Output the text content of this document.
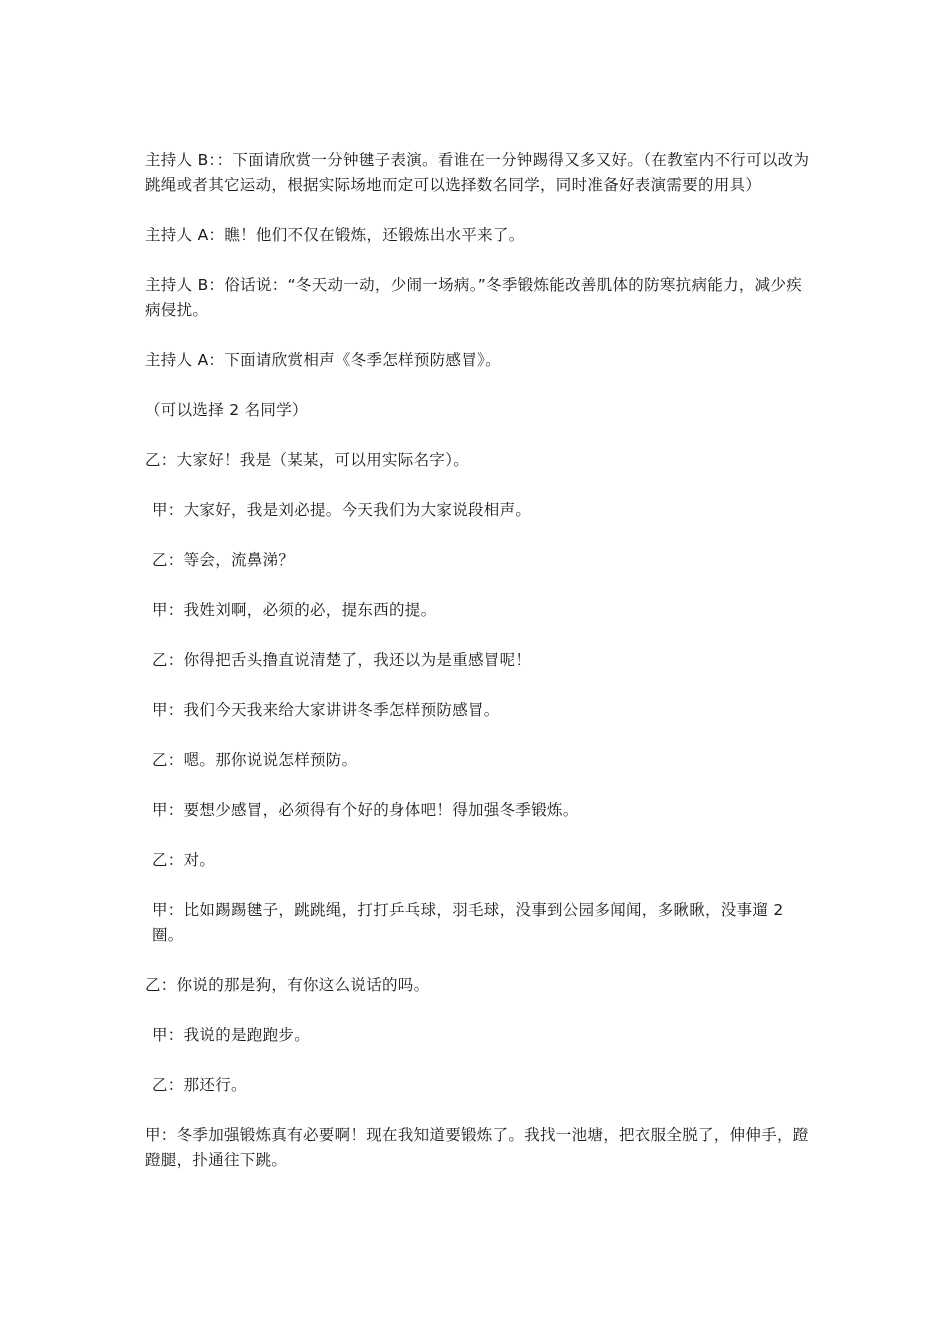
主持人 B：：下面请欣赏一分钟毽子表演。看谁在一分钟踢得又多又好。（在教室内不行可以改为跳绳或者其它运动，根据实际场地而定可以选择数名同学，同时准备好表演需要的用具）

主持人 A：瞧！他们不仅在锻炼，还锻炼出水平来了。

主持人 B：俗话说：“冬天动一动，少闹一场病。”冬季锻炼能改善肌体的防寒抗病能力，减少疾病侵扰。

主持人 A：下面请欣赏相声《冬季怎样预防感冒》。

（可以选择 2 名同学）

乙：大家好！我是（某某，可以用实际名字）。

甲：大家好，我是刘必提。今天我们为大家说段相声。

乙：等会，流鼻涕？

甲：我姓刘啊，必须的必，提东西的提。

乙：你得把舌头撸直说清楚了，我还以为是重感冒呢！

甲：我们今天我来给大家讲讲冬季怎样预防感冒。

乙：嗯。那你说说怎样预防。

甲：要想少感冒，必须得有个好的身体吧！得加强冬季锻炼。

乙：对。

甲：比如踢踢毽子，跳跳绳，打打乒乓球，羽毛球，没事到公园多闻闻，多瞅瞅，没事遛 2 圈。

乙：你说的那是狗，有你这么说话的吗。

甲：我说的是跑跑步。

乙：那还行。

甲：冬季加强锻炼真有必要啊！现在我知道要锻炼了。我找一池塘，把衣服全脱了，伸伸手，蹬蹬腿，扑通往下跳。
